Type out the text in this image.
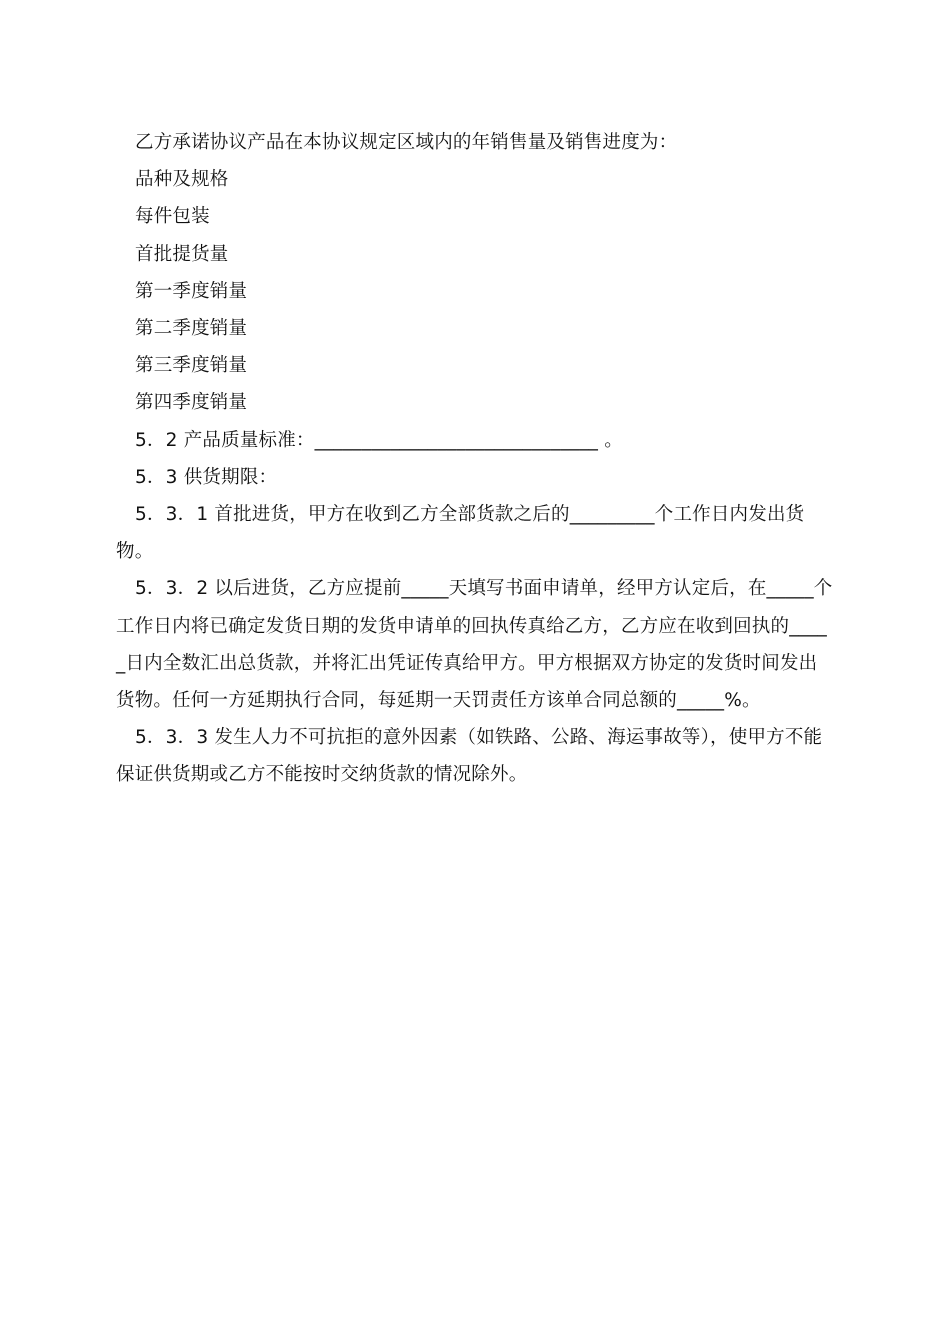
乙方承诺协议产品在本协议规定区域内的年销售量及销售进度为：

品种及规格

每件包装

首批提货量

第一季度销量

第二季度销量

第三季度销量

第四季度销量

5．2 产品质量标准：______________________________ 。

5．3 供货期限：

5．3．1 首批进货，甲方在收到乙方全部货款之后的_________个工作日内发出货物。

5．3．2 以后进货，乙方应提前_____天填写书面申请单，经甲方认定后，在_____个工作日内将已确定发货日期的发货申请单的回执传真给乙方，乙方应在收到回执的_____日内全数汇出总货款，并将汇出凭证传真给甲方。甲方根据双方协定的发货时间发出货物。任何一方延期执行合同，每延期一天罚责任方该单合同总额的_____%。

5．3．3 发生人力不可抗拒的意外因素（如铁路、公路、海运事故等），使甲方不能保证供货期或乙方不能按时交纳货款的情况除外。
